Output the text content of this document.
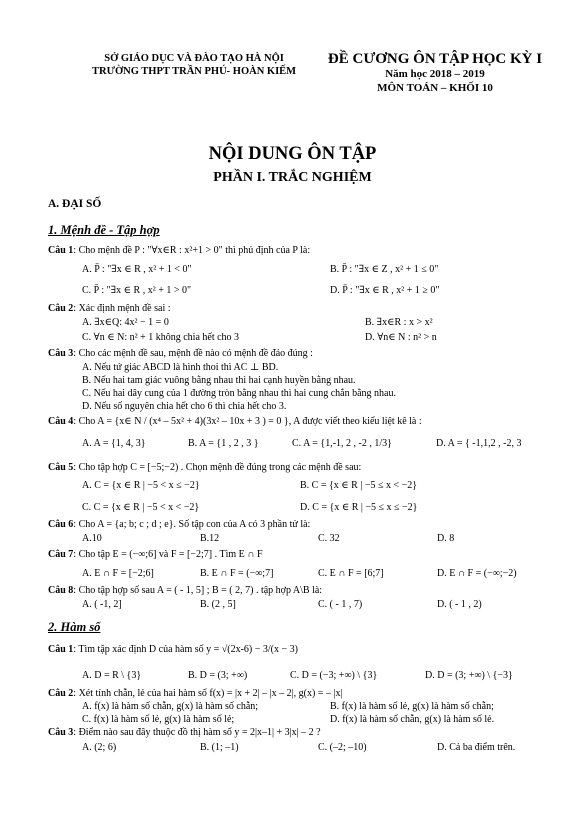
SỞ GIÁO DỤC VÀ ĐÀO TẠO HÀ NỘI
TRƯỜNG THPT TRẦN PHÚ- HOÀN KIẾM
ĐỀ CƯƠNG ÔN TẬP HỌC KỲ I
Năm học 2018 – 2019
MÔN TOÁN – KHỐI 10
NỘI DUNG ÔN TẬP
PHẦN I. TRẮC NGHIỆM
A. ĐẠI SỐ
1. Mệnh đề - Tập hợp
Câu 1: Cho mệnh đề P : "∀x∈R : x²+1 > 0" thì phủ định của P là:
A. P̄ : "∃x ∈ R , x² + 1 < 0"	B. P̄ : "∃x ∈ Z , x² + 1 ≤ 0"
C. P̄ : "∃x ∈ R , x² + 1 > 0"	D. P̄ : "∃x ∈ R , x² + 1 ≥ 0"
Câu 2: Xác định mệnh đề sai :
A. ∃x∈Q: 4x² − 1 = 0	B. ∃x∈R : x > x²
C. ∀n ∈ N: n² + 1 không chia hết cho 3	D. ∀n∈ N : n² > n
Câu 3: Cho các mệnh đề sau, mệnh đề nào có mệnh đề đảo đúng :
A. Nếu tứ giác ABCD là hình thoi thì AC ⊥ BD.
B. Nếu hai tam giác vuông bằng nhau thì hai cạnh huyền bằng nhau.
C. Nếu hai dây cung của 1 đường tròn bằng nhau thì hai cung chắn bằng nhau.
D. Nếu số nguyên chia hết cho 6 thì chia hết cho 3.
Câu 4: Cho A = {x∈ N / (x⁴ – 5x² + 4)(3x² – 10x + 3 ) = 0 }, A được viết theo kiểu liệt kê là :
A. A = {1, 4, 3}	B. A = {1 , 2 , 3 }	C. A = {1,-1, 2 , -2 , 1/3}	D. A = { -1,1,2 , -2, 3
Câu 5: Cho tập hợp C = [−5;−2) . Chọn mệnh đề đúng trong các mệnh đề sau:
A. C = {x ∈ R | −5 < x ≤ −2}	B. C = {x ∈ R | −5 ≤ x < −2}
C. C = {x ∈ R | −5 < x < −2}	D. C = {x ∈ R | −5 ≤ x ≤ −2}
Câu 6: Cho A = {a; b; c ; d ; e}. Số tập con của A có 3 phần tử là:
A.10	B.12	C. 32	D. 8
Câu 7: Cho tập E = (−∞;6] và F = [−2;7] . Tìm E ∩ F
A. E ∩ F = [−2;6]	B. E ∩ F = (−∞;7]	C. E ∩ F = [6;7]	D. E ∩ F = (−∞;−2)
Câu 8: Cho tập hợp số sau A = ( - 1, 5] ; B = ( 2, 7) . tập hợp A\B là:
A. ( -1, 2]	B. (2 , 5]	C. ( - 1 , 7)	D. ( - 1 , 2)
2. Hàm số
Câu 1: Tìm tập xác định D của hàm số y = √(2x-6) − 3/(x − 3)
A. D = R \ {3}	B. D = (3; +∞)	C. D = (−3; +∞) \ {3}	D. D = (3; +∞) \ {−3}
Câu 2: Xét tính chẵn, lẻ của hai hàm số f(x) = |x + 2| – |x – 2|, g(x) = – |x|
A. f(x) là hàm số chẵn, g(x) là hàm số chẵn;	B. f(x) là hàm số lẻ, g(x) là hàm số chẵn;
C. f(x) là hàm số lẻ, g(x) là hàm số lẻ;	D. f(x) là hàm số chẵn, g(x) là hàm số lẻ.
Câu 3: Điểm nào sau đây thuộc đồ thị hàm số y = 2|x–1| + 3|x| – 2 ?
A. (2; 6)	B. (1; –1)	C. (–2; –10)	D. Cả ba điểm trên.
